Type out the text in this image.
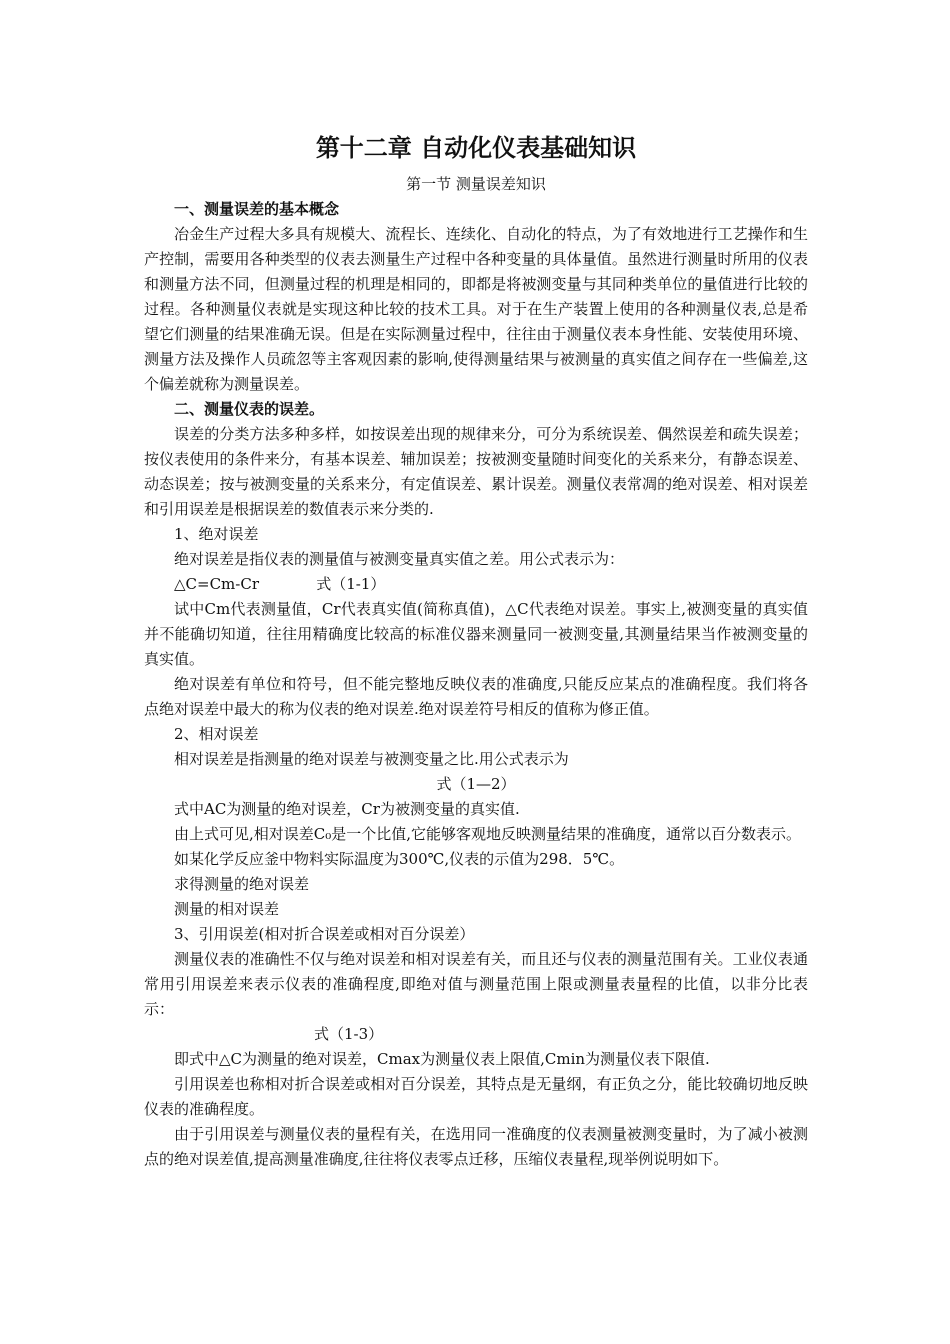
第十二章 自动化仪表基础知识
第一节 测量误差知识
一、测量误差的基本概念

冶金生产过程大多具有规模大、流程长、连续化、自动化的特点，为了有效地进行工艺操作和生产控制，需要用各种类型的仪表去测量生产过程中各种变量的具体量值。虽然进行测量时所用的仪表和测量方法不同，但测量过程的机理是相同的，即都是将被测变量与其同种类单位的量值进行比较的过程。各种测量仪表就是实现这种比较的技术工具。对于在生产装置上使用的各种测量仪表,总是希望它们测量的结果准确无误。但是在实际测量过程中，往往由于测量仪表本身性能、安装使用环境、测量方法及操作人员疏忽等主客观因素的影响,使得测量结果与被测量的真实值之间存在一些偏差,这个偏差就称为测量误差。

二、测量仪表的误差。

误差的分类方法多种多样，如按误差出现的规律来分，可分为系统误差、偶然误差和疏失误差；按仪表使用的条件来分，有基本误差、辅加误差；按被测变量随时间变化的关系来分，有静态误差、动态误差；按与被测变量的关系来分，有定值误差、累计误差。测量仪表常凋的绝对误差、相对误差和引用误差是根据误差的数值表示来分类的.

1、绝对误差

绝对误差是指仪表的测量值与被测变量真实值之差。用公式表示为：

△C=Cm-Cr            式（1-1）

试中Cm代表测量值，Cr代表真实值(简称真值)，△C代表绝对误差。事实上,被测变量的真实值并不能确切知道，往往用精确度比较高的标准仪器来测量同一被测变量,其测量结果当作被测变量的真实值。

绝对误差有单位和符号，但不能完整地反映仪表的准确度,只能反应某点的准确程度。我们将各点绝对误差中最大的称为仪表的绝对误差.绝对误差符号相反的值称为修正值。

2、相对误差

相对误差是指测量的绝对误差与被测变量之比.用公式表示为

式（1—2）

式中AC为测量的绝对误差，Cr为被测变量的真实值.

由上式可见,相对误差C₀是一个比值,它能够客观地反映测量结果的准确度，通常以百分数表示。

如某化学反应釜中物料实际温度为300℃,仪表的示值为298．5℃。

求得测量的绝对误差

测量的相对误差

3、引用误差(相对折合误差或相对百分误差）

测量仪表的准确性不仅与绝对误差和相对误差有关，而且还与仪表的测量范围有关。工业仪表通常用引用误差来表示仪表的准确程度,即绝对值与测量范围上限或测量表量程的比值，以非分比表示：

式（1-3）

即式中△C为测量的绝对误差，Cmax为测量仪表上限值,Cmin为测量仪表下限值.

引用误差也称相对折合误差或相对百分误差，其特点是无量纲，有正负之分，能比较确切地反映仪表的准确程度。

由于引用误差与测量仪表的量程有关，在选用同一准确度的仪表测量被测变量时，为了减小被测点的绝对误差值,提高测量准确度,往往将仪表零点迁移，压缩仪表量程,现举例说明如下。
